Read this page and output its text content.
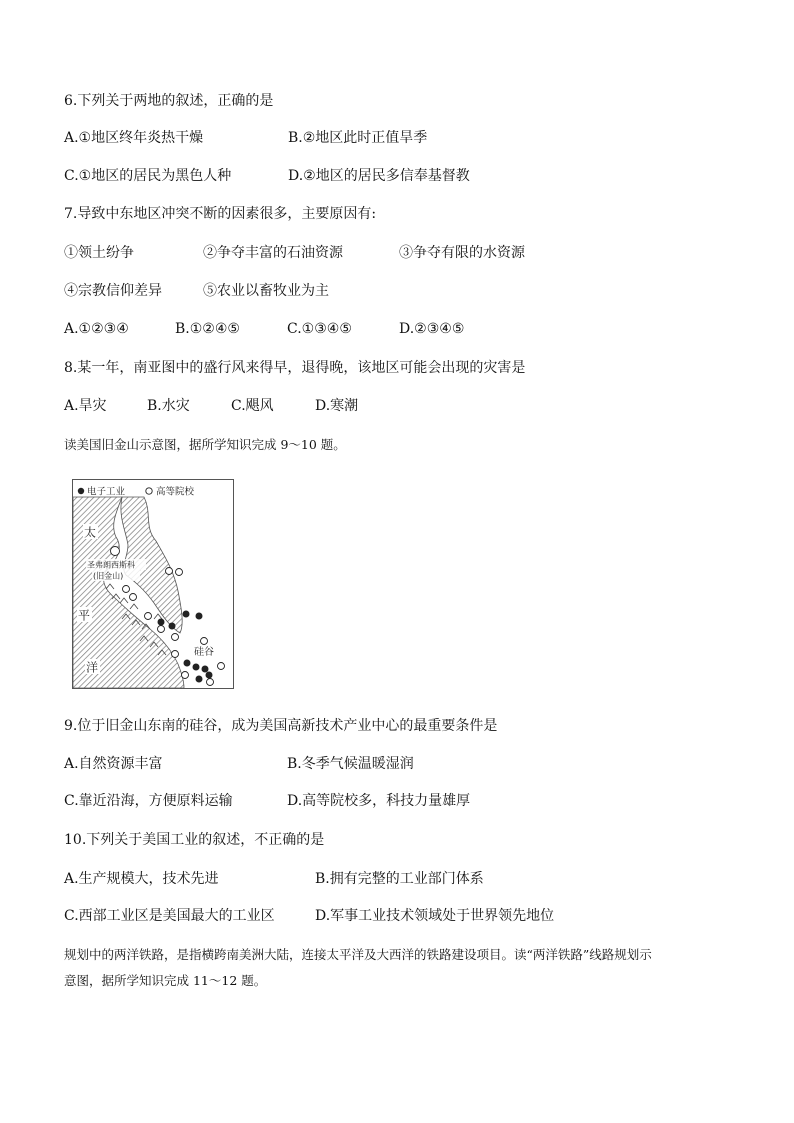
6.下列关于两地的叙述，正确的是
A.①地区终年炎热干燥	B.②地区此时正值旱季
C.①地区的居民为黑色人种	D.②地区的居民多信奉基督教
7.导致中东地区冲突不断的因素很多，主要原因有:
①领土纷争	②争夺丰富的石油资源	③争夺有限的水资源
④宗教信仰差异	⑤农业以畜牧业为主
A.①②③④	B.①②④⑤	C.①③④⑤	D.②③④⑤
8.某一年，南亚图中的盛行风来得早，退得晚，该地区可能会出现的灾害是
A.旱灾	B.水灾	C.飓风	D.寒潮
读美国旧金山示意图，据所学知识完成 9～10 题。
电子工业	高等院校
太
平
洋
圣弗朗西斯科
(旧金山)
硅谷
9.位于旧金山东南的硅谷，成为美国高新技术产业中心的最重要条件是
A.自然资源丰富	B.冬季气候温暖湿润
C.靠近沿海，方便原料运输	D.高等院校多，科技力量雄厚
10.下列关于美国工业的叙述，不正确的是
A.生产规模大，技术先进	B.拥有完整的工业部门体系
C.西部工业区是美国最大的工业区	D.军事工业技术领域处于世界领先地位
规划中的两洋铁路，是指横跨南美洲大陆，连接太平洋及大西洋的铁路建设项目。读“两洋铁路”线路规划示
意图，据所学知识完成 11～12 题。
